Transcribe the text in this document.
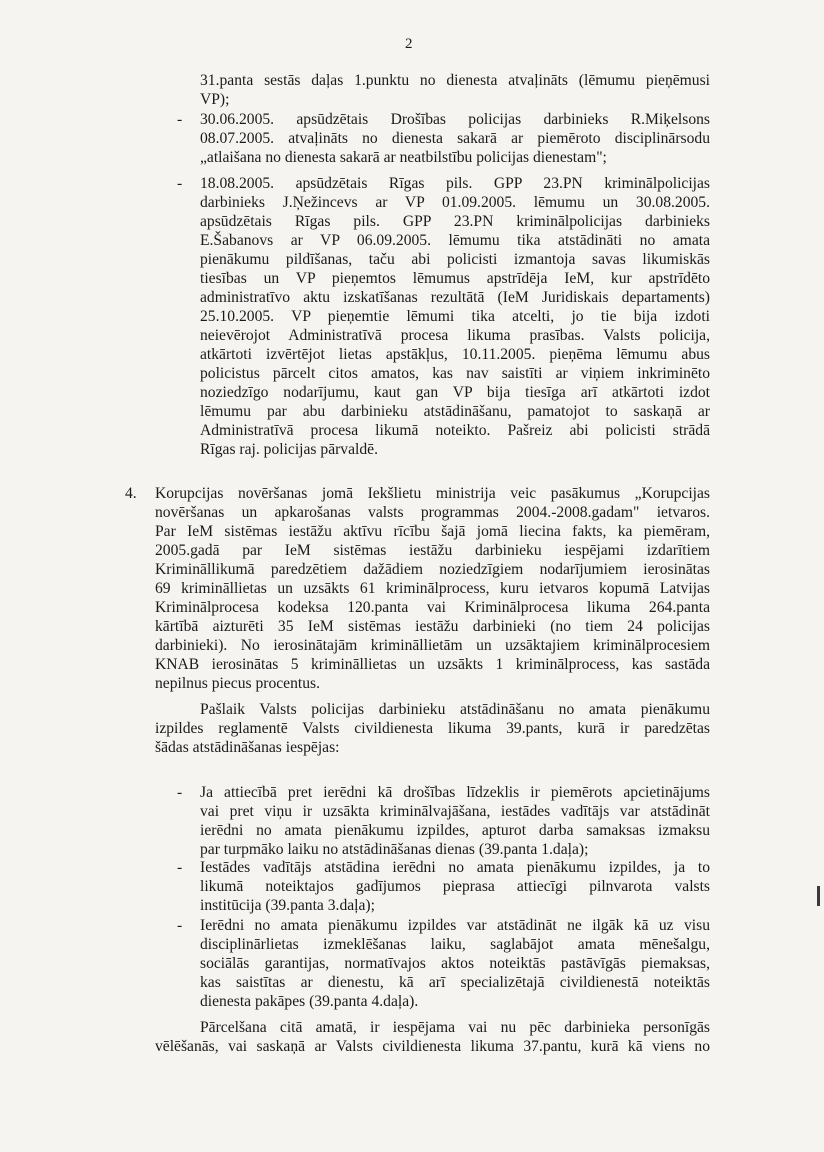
2
-
-
-
-
-
4.
31.panta sestās daļas 1.punktu no dienesta atvaļināts (lēmumu pieņēmusi
VP);
30.06.2005. apsūdzētais Drošības policijas darbinieks R.Miķelsons
08.07.2005. atvaļināts no dienesta sakarā ar piemēroto disciplinārsodu
„atlaišana no dienesta sakarā ar neatbilstību policijas dienestam";
18.08.2005. apsūdzētais Rīgas pils. GPP 23.PN kriminālpolicijas
darbinieks J.Ņežincevs ar VP 01.09.2005. lēmumu un 30.08.2005.
apsūdzētais Rīgas pils. GPP 23.PN kriminālpolicijas darbinieks
E.Šabanovs ar VP 06.09.2005. lēmumu tika atstādināti no amata
pienākumu pildīšanas, taču abi policisti izmantoja savas likumiskās
tiesības un VP pieņemtos lēmumus apstrīdēja IeM, kur apstrīdēto
administratīvo aktu izskatīšanas rezultātā (IeM Juridiskais departaments)
25.10.2005. VP pieņemtie lēmumi tika atcelti, jo tie bija izdoti
neievērojot Administratīvā procesa likuma prasības. Valsts policija,
atkārtoti izvērtējot lietas apstākļus, 10.11.2005. pieņēma lēmumu abus
policistus pārcelt citos amatos, kas nav saistīti ar viņiem inkriminēto
noziedzīgo nodarījumu, kaut gan VP bija tiesīga arī atkārtoti izdot
lēmumu par abu darbinieku atstādināšanu, pamatojot to saskaņā ar
Administratīvā procesa likumā noteikto. Pašreiz abi policisti strādā
Rīgas raj. policijas pārvaldē.
Korupcijas novēršanas jomā Iekšlietu ministrija veic pasākumus „Korupcijas
novēršanas un apkarošanas valsts programmas 2004.-2008.gadam" ietvaros.
Par IeM sistēmas iestāžu aktīvu rīcību šajā jomā liecina fakts, ka piemēram,
2005.gadā par IeM sistēmas iestāžu darbinieku iespējami izdarītiem
Krimināllikumā paredzētiem dažādiem noziedzīgiem nodarījumiem ierosinātas
69 krimināllietas un uzsākts 61 kriminālprocess, kuru ietvaros kopumā Latvijas
Kriminālprocesa kodeksa 120.panta vai Kriminālprocesa likuma 264.panta
kārtībā aizturēti 35 IeM sistēmas iestāžu darbinieki (no tiem 24 policijas
darbinieki). No ierosinātajām krimināllietām un uzsāktajiem kriminālprocesiem
KNAB ierosinātas 5 krimināllietas un uzsākts 1 kriminālprocess, kas sastāda
nepilnus piecus procentus.
Pašlaik Valsts policijas darbinieku atstādināšanu no amata pienākumu
izpildes reglamentē Valsts civildienesta likuma 39.pants, kurā ir paredzētas
šādas atstādināšanas iespējas:
Ja attiecībā pret ierēdni kā drošības līdzeklis ir piemērots apcietinājums
vai pret viņu ir uzsākta kriminālvajāšana, iestādes vadītājs var atstādināt
ierēdni no amata pienākumu izpildes, apturot darba samaksas izmaksu
par turpmāko laiku no atstādināšanas dienas (39.panta 1.daļa);
Iestādes vadītājs atstādina ierēdni no amata pienākumu izpildes, ja to
likumā noteiktajos gadījumos pieprasa attiecīgi pilnvarota valsts
institūcija (39.panta 3.daļa);
Ierēdni no amata pienākumu izpildes var atstādināt ne ilgāk kā uz visu
disciplinārlietas izmeklēšanas laiku, saglabājot amata mēnešalgu,
sociālās garantijas, normatīvajos aktos noteiktās pastāvīgās piemaksas,
kas saistītas ar dienestu, kā arī specializētajā civildienestā noteiktās
dienesta pakāpes (39.panta 4.daļa).
Pārcelšana citā amatā, ir iespējama vai nu pēc darbinieka personīgās
vēlēšanās, vai saskaņā ar Valsts civildienesta likuma 37.pantu, kurā kā viens no
